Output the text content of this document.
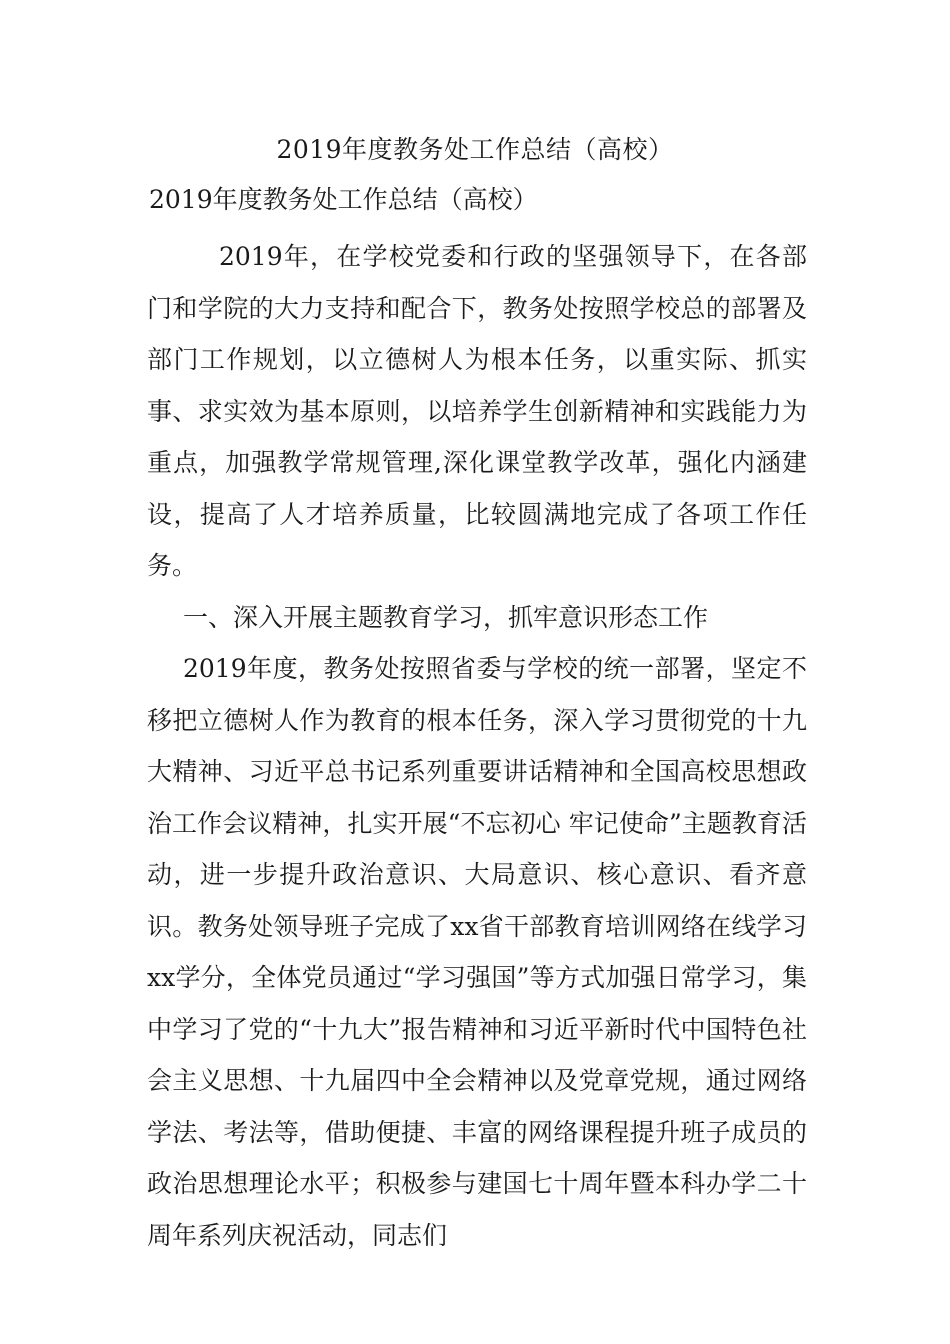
2019年度教务处工作总结（高校）
2019年度教务处工作总结（高校）

2019年，在学校党委和行政的坚强领导下，在各部门和学院的大力支持和配合下，教务处按照学校总的部署及部门工作规划，以立德树人为根本任务，以重实际、抓实事、求实效为基本原则，以培养学生创新精神和实践能力为重点，加强教学常规管理,深化课堂教学改革，强化内涵建设，提高了人才培养质量，比较圆满地完成了各项工作任务。

一、深入开展主题教育学习，抓牢意识形态工作

2019年度，教务处按照省委与学校的统一部署，坚定不移把立德树人作为教育的根本任务，深入学习贯彻党的十九大精神、习近平总书记系列重要讲话精神和全国高校思想政治工作会议精神，扎实开展“不忘初心 牢记使命”主题教育活动，进一步提升政治意识、大局意识、核心意识、看齐意识。教务处领导班子完成了xx省干部教育培训网络在线学习xx学分，全体党员通过“学习强国”等方式加强日常学习，集中学习了党的“十九大”报告精神和习近平新时代中国特色社会主义思想、十九届四中全会精神以及党章党规，通过网络学法、考法等，借助便捷、丰富的网络课程提升班子成员的政治思想理论水平；积极参与建国七十周年暨本科办学二十周年系列庆祝活动，同志们
